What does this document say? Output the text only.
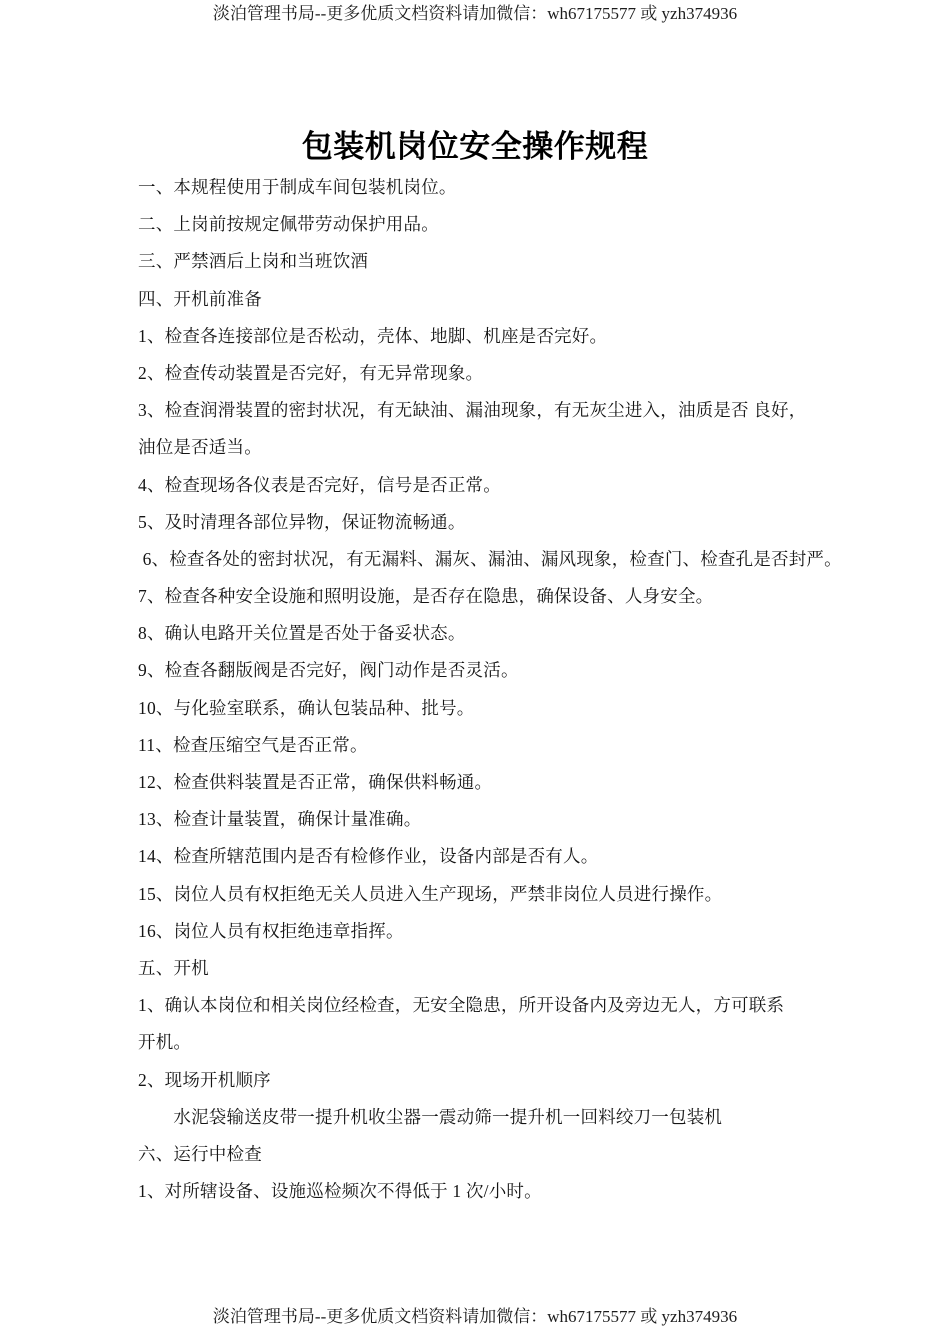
淡泊管理书局--更多优质文档资料请加微信：wh67175577 或 yzh374936
包装机岗位安全操作规程
一、本规程使用于制成车间包装机岗位。
二、上岗前按规定佩带劳动保护用品。
三、严禁酒后上岗和当班饮酒
四、开机前准备
1、检查各连接部位是否松动，壳体、地脚、机座是否完好。
2、检查传动装置是否完好，有无异常现象。
3、检查润滑装置的密封状况，有无缺油、漏油现象，有无灰尘进入，油质是否 良好，
油位是否适当。
4、检查现场各仪表是否完好，信号是否正常。
5、及时清理各部位异物，保证物流畅通。
6、检查各处的密封状况，有无漏料、漏灰、漏油、漏风现象，检查门、检查孔是否封严。
7、检查各种安全设施和照明设施，是否存在隐患，确保设备、人身安全。
8、确认电路开关位置是否处于备妥状态。
9、检查各翻版阀是否完好，阀门动作是否灵活。
10、与化验室联系，确认包装品种、批号。
11、检查压缩空气是否正常。
12、检查供料装置是否正常，确保供料畅通。
13、检查计量装置，确保计量准确。
14、检查所辖范围内是否有检修作业，设备内部是否有人。
15、岗位人员有权拒绝无关人员进入生产现场，严禁非岗位人员进行操作。
16、岗位人员有权拒绝违章指挥。
五、开机
1、确认本岗位和相关岗位经检查，无安全隐患，所开设备内及旁边无人，方可联系
开机。
2、现场开机顺序
　　水泥袋输送皮带一提升机收尘器一震动筛一提升机一回料绞刀一包装机
六、运行中检查
1、对所辖设备、设施巡检频次不得低于 1 次/小时。
淡泊管理书局--更多优质文档资料请加微信：wh67175577 或 yzh374936
